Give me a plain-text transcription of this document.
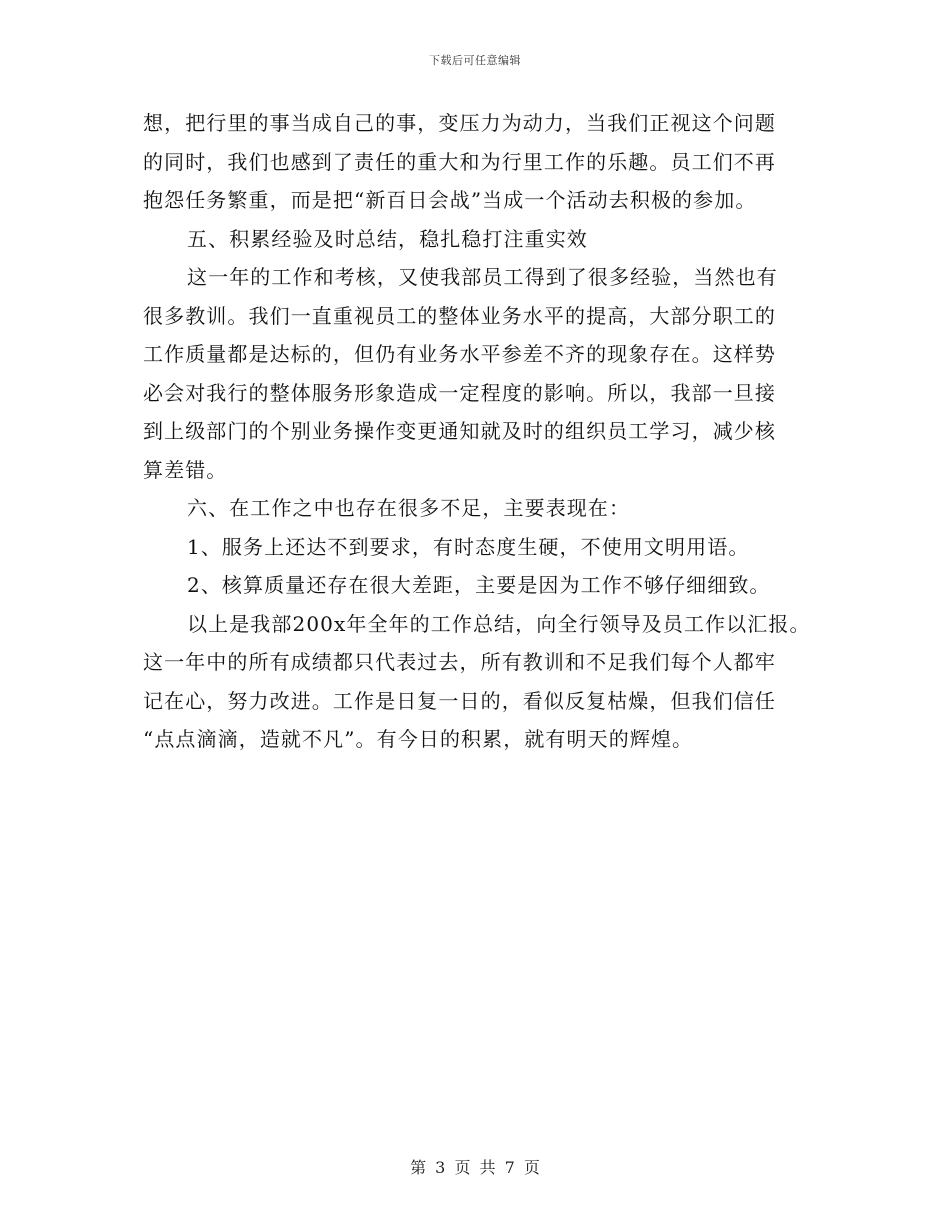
下载后可任意编辑
想，把行里的事当成自己的事，变压力为动力，当我们正视这个问题
的同时，我们也感到了责任的重大和为行里工作的乐趣。员工们不再
抱怨任务繁重，而是把“新百日会战”当成一个活动去积极的参加。
五、积累经验及时总结，稳扎稳打注重实效
这一年的工作和考核，又使我部员工得到了很多经验，当然也有
很多教训。我们一直重视员工的整体业务水平的提高，大部分职工的
工作质量都是达标的，但仍有业务水平参差不齐的现象存在。这样势
必会对我行的整体服务形象造成一定程度的影响。所以，我部一旦接
到上级部门的个别业务操作变更通知就及时的组织员工学习，减少核
算差错。
六、在工作之中也存在很多不足，主要表现在：
1、服务上还达不到要求，有时态度生硬，不使用文明用语。
2、核算质量还存在很大差距，主要是因为工作不够仔细细致。
以上是我部200x年全年的工作总结，向全行领导及员工作以汇报。
这一年中的所有成绩都只代表过去，所有教训和不足我们每个人都牢
记在心，努力改进。工作是日复一日的，看似反复枯燥，但我们信任
“点点滴滴，造就不凡”。有今日的积累，就有明天的辉煌。
第 3 页 共 7 页
